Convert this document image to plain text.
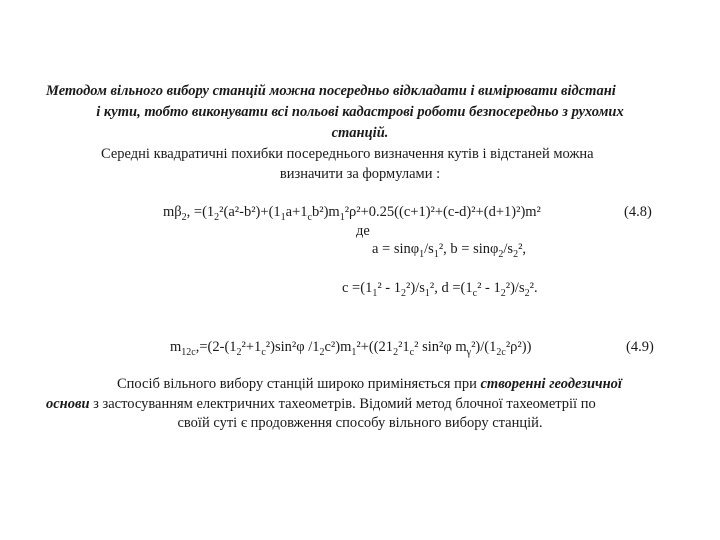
Методом вільного вибору станцій можна посередньо відкладати і вимірювати відстані

і кути, тобто виконувати всі польові кадастрові роботи безпосередньо з рухомих

станцій.

Середні квадратичні похибки посереднього визначення кутів і відстаней можна

визначити за формулами :

$m\beta_2$, $=(1_2^2(a^2-b^2)+(1_1a+1_cb^2)m_1^2\rho^2+0.25((c+1)^2+(c-d)^2+(d+1)^2)m^2$	(4.8)
де
$a = \sin\varphi_1/s_1^2$, $b = \sin\varphi_2/s_2^2$,
$c =(1_1^2 - 1_2^2)/s_1^2$, $d =(1_c^2 - 1_2^2)/s_2^2$.
$m_{12c},=(2-(1_2^2+1_c^2)\sin^2\varphi$ $/1_2c^2)m_1^2+((21_2^21_c^2$ sin²φ $m_\gamma^2)/(1_{2c}^2\rho^2)$)	(4.9)

Спосіб вільного вибору станцій широко приміняється при створенні геодезичної

основи з застосуванням електричних тахеометрів. Відомий метод блочної тахеометрії по

своїй суті є продовження способу вільного вибору станцій.
